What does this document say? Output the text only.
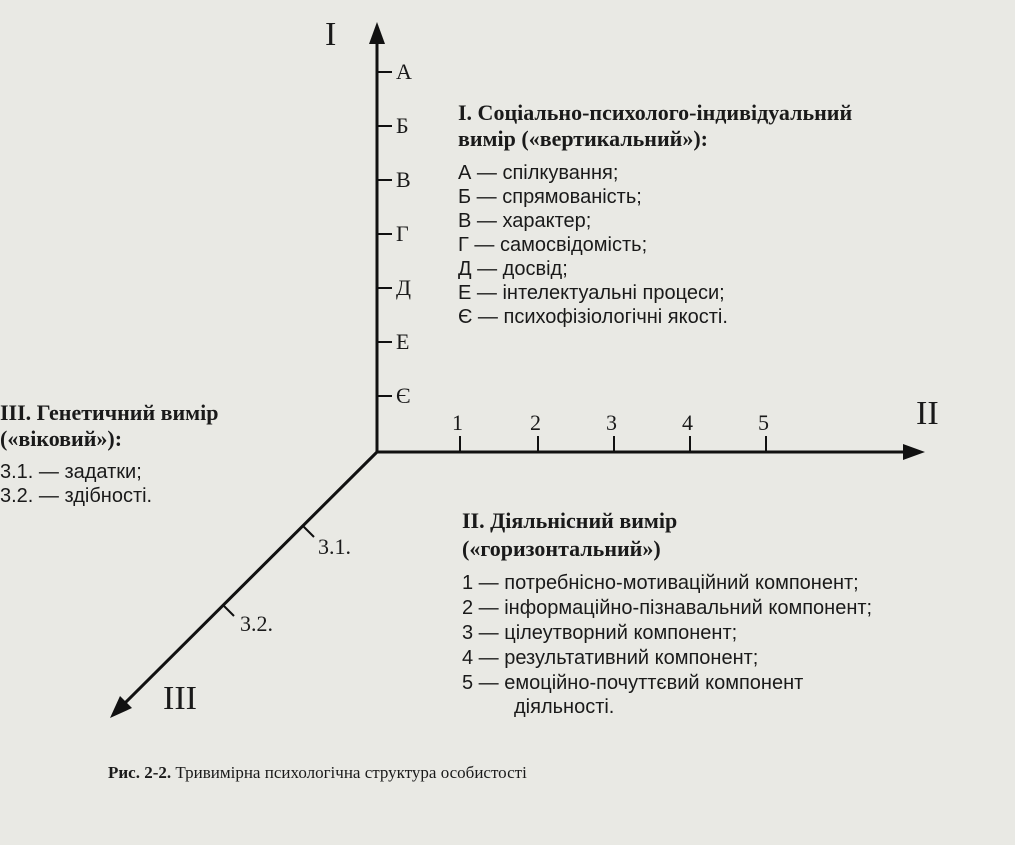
I
II
III
А
Б
В
Г
Д
Е
Є
1	2	3	4	5
3.1.
3.2.
I. Соціально-психолого-індивідуальний
вимір («вертикальний»):
А — спілкування;
Б — спрямованість;
В — характер;
Г — самосвідомість;
Д — досвід;
Е — інтелектуальні процеси;
Є — психофізіологічні якості.
III. Генетичний вимір
(«віковий»):
3.1. — задатки;
3.2. — здібності.
II. Діяльнісний вимір
(«горизонтальний»)
1 — потребнісно-мотиваційний компонент;
2 — інформаційно-пізнавальний компонент;
3 — цілеутворний компонент;
4 — результативний компонент;
5 — емоційно-почуттєвий компонент
діяльності.
Рис. 2-2. Тривимірна психологічна структура особистості
